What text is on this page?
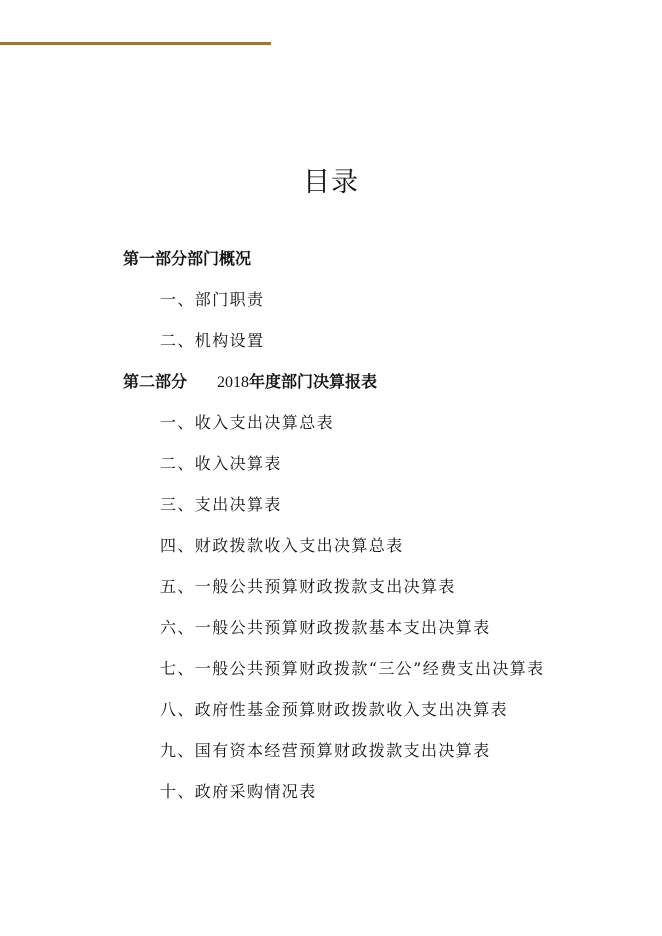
目录
第一部分部门概况
一、部门职责
二、机构设置
第二部分 2018年度部门决算报表
一、收入支出决算总表
二、收入决算表
三、支出决算表
四、财政拨款收入支出决算总表
五、一般公共预算财政拨款支出决算表
六、一般公共预算财政拨款基本支出决算表
七、一般公共预算财政拨款“三公”经费支出决算表
八、政府性基金预算财政拨款收入支出决算表
九、国有资本经营预算财政拨款支出决算表
十、政府采购情况表
